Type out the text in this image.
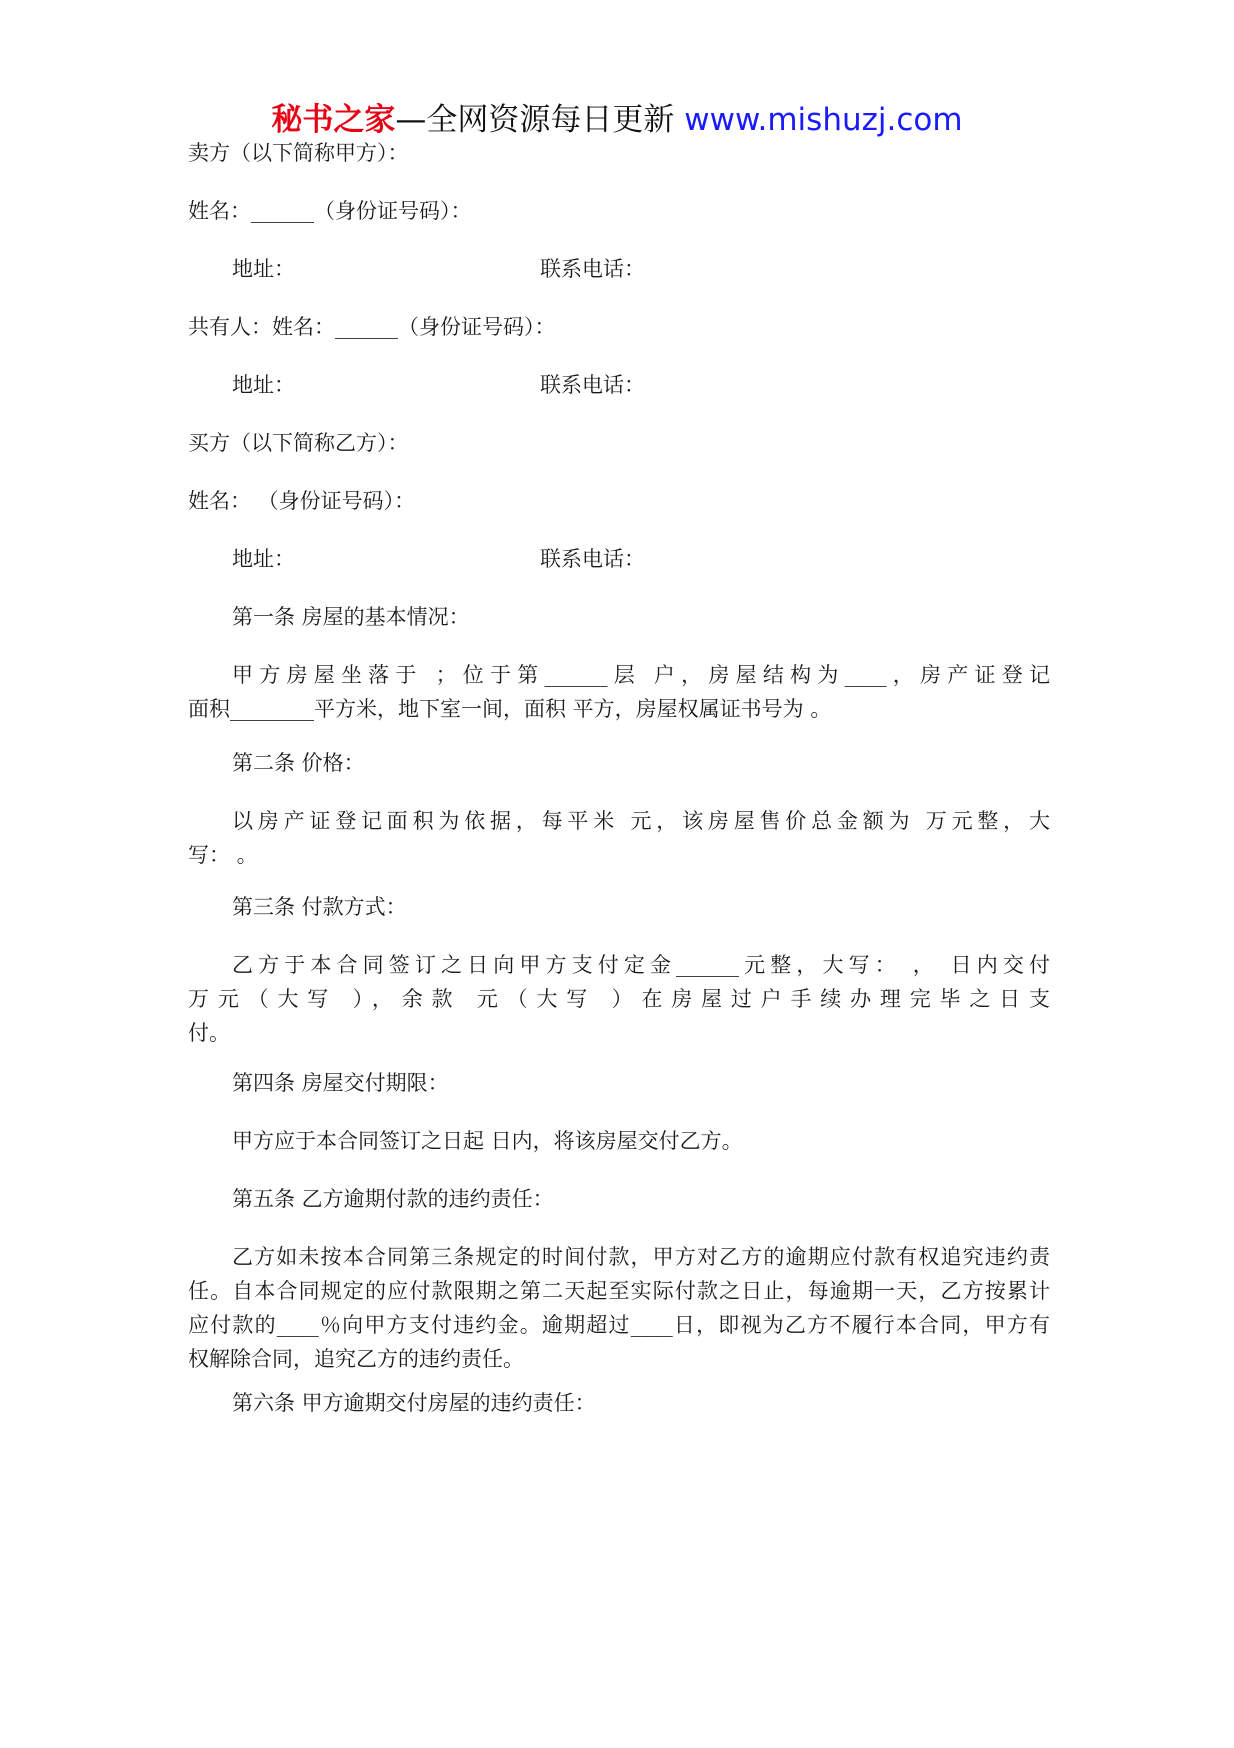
秘书之家—全网资源每日更新 www.mishuzj.com
卖方（以下简称甲方）：
姓名：______（身份证号码）：
地址：	联系电话：
共有人：姓名：______（身份证号码）：
地址：	联系电话：
买方（以下简称乙方）：
姓名： （身份证号码）：
地址：	联系电话：
第一条 房屋的基本情况：
甲方房屋坐落于 ；位于第______层 户，房屋结构为____，房产证登记
面积________平方米，地下室一间，面积 平方，房屋权属证书号为 。
第二条 价格：
以房产证登记面积为依据，每平米 元，该房屋售价总金额为 万元整，大
写： 。
第三条 付款方式：
乙方于本合同签订之日向甲方支付定金______元整，大写： ， 日内交付
万元（大写 ），余款 元（大写 ）在房屋过户手续办理完毕之日支
付。
第四条 房屋交付期限：
甲方应于本合同签订之日起 日内，将该房屋交付乙方。
第五条 乙方逾期付款的违约责任：
乙方如未按本合同第三条规定的时间付款，甲方对乙方的逾期应付款有权追究违约责
任。自本合同规定的应付款限期之第二天起至实际付款之日止，每逾期一天，乙方按累计
应付款的____％向甲方支付违约金。逾期超过____日，即视为乙方不履行本合同，甲方有
权解除合同，追究乙方的违约责任。
第六条 甲方逾期交付房屋的违约责任：
